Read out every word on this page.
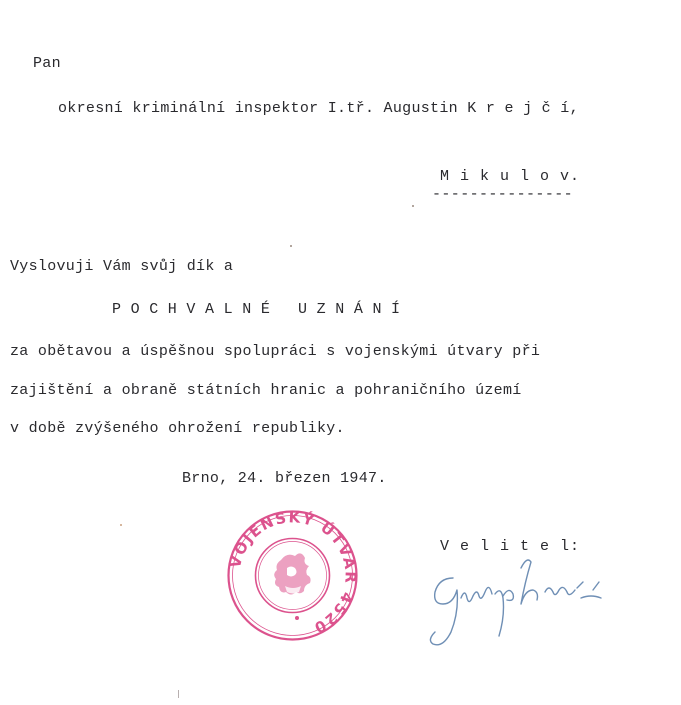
Pan
okresní kriminální inspektor I.tř. Augustin K r e j č í,
M i k u l o v.
---------------
Vyslovuji Vám svůj dík a
P O C H V A L N É   U Z N Á N Í
za obětavou a úspěšnou spolupráci s vojenskými útvary při
zajištění a obraně státních hranic a pohraničního území
v době zvýšeného ohrožení republiky.
Brno, 24. březen 1947.
V e l i t e l:
VOJENSKÝ ÚTVAR 4520
